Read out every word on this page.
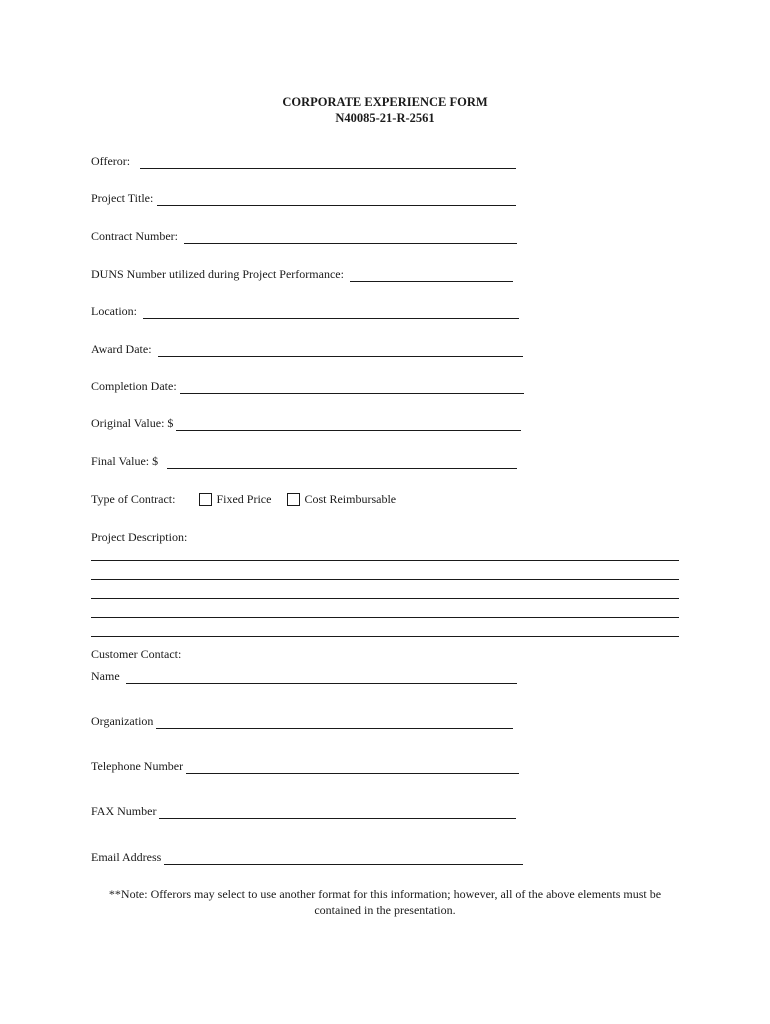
CORPORATE EXPERIENCE FORM
N40085-21-R-2561
Offeror:
Project Title:
Contract Number:
DUNS Number utilized during Project Performance:
Location:
Award Date:
Completion Date:
Original Value: $
Final Value: $
Type of Contract:	Fixed Price	Cost Reimbursable
Project Description:
Customer Contact:
Name
Organization
Telephone Number
FAX Number
Email Address
**Note: Offerors may select to use another format for this information; however, all of the above elements must be
contained in the presentation.
